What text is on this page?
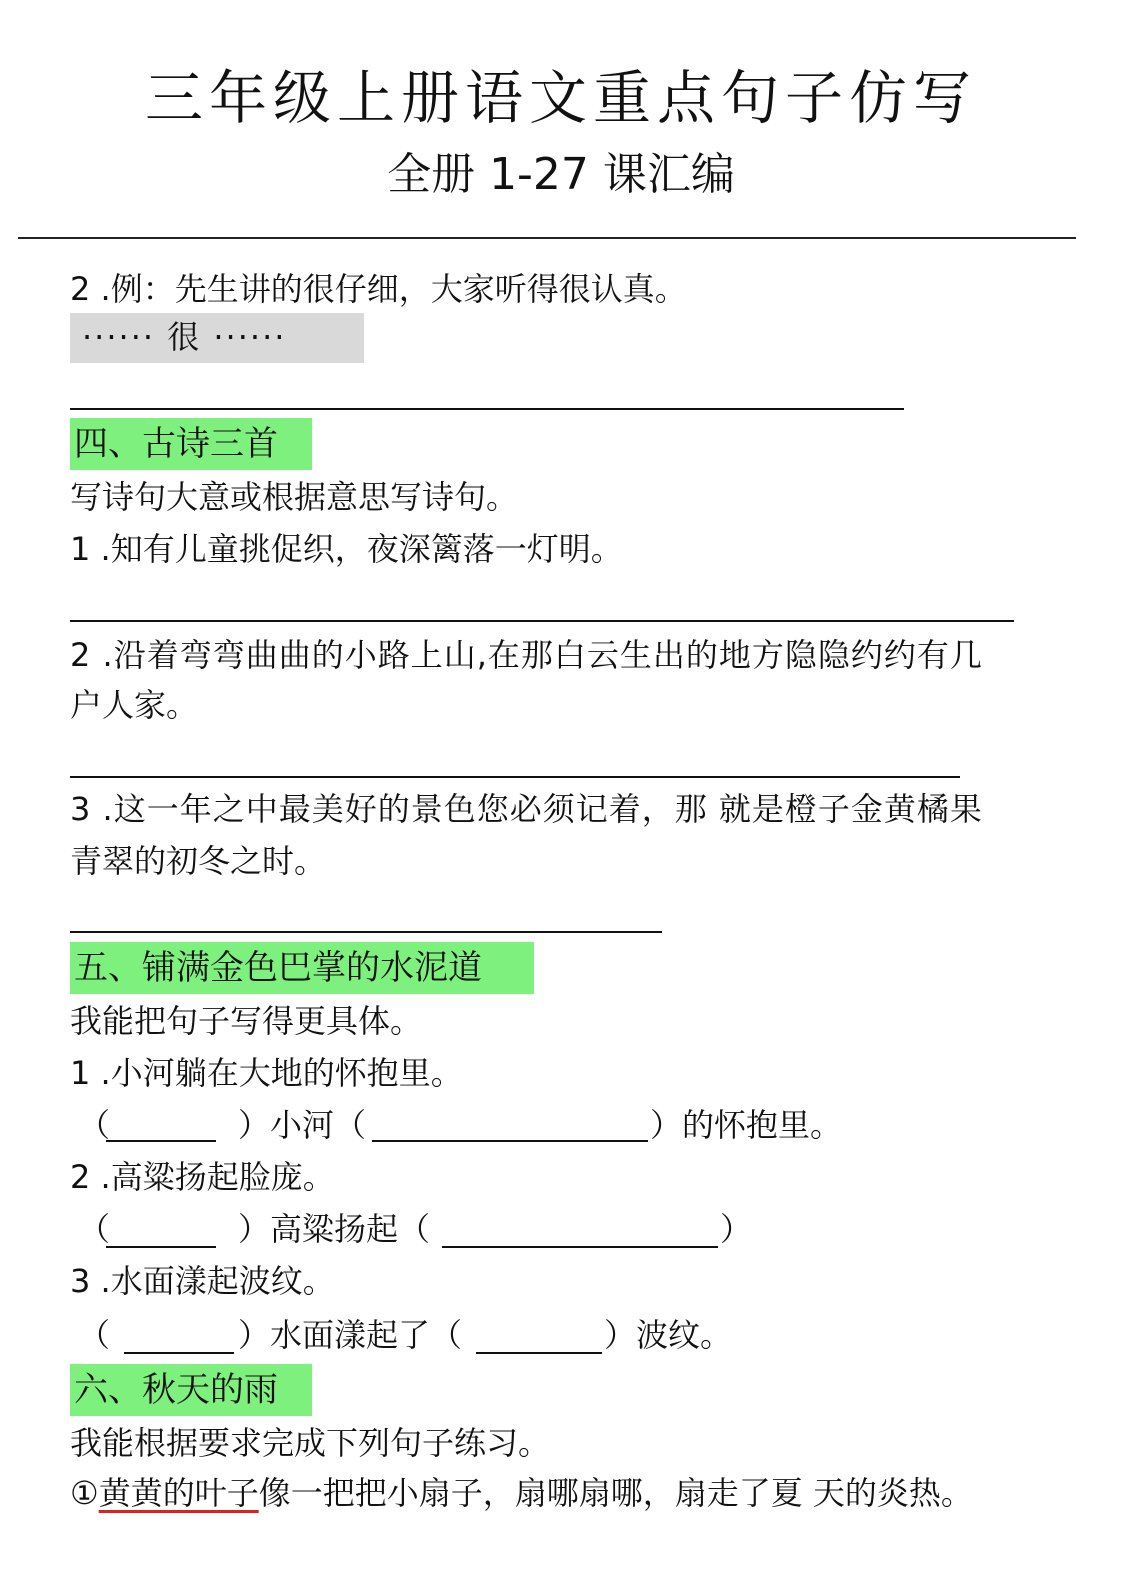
三年级上册语文重点句子仿写
全册 1-27 课汇编
2 .例：先生讲的很仔细，大家听得很认真。
······ 很 ······
四、古诗三首
写诗句大意或根据意思写诗句。
1 .知有儿童挑促织，夜深篱落一灯明。
2 .沿着弯弯曲曲的小路上山,在那白云生出的地方隐隐约约有几
户人家。
3 .这一年之中最美好的景色您必须记着，那 就是橙子金黄橘果
青翠的初冬之时。
五、铺满金色巴掌的水泥道
我能把句子写得更具体。
1 .小河躺在大地的怀抱里。
（	）小河（	）的怀抱里。
2 .高粱扬起脸庞。
（	）高粱扬起（	）
3 .水面漾起波纹。
（	）水面漾起了（	）波纹。
六、秋天的雨
我能根据要求完成下列句子练习。
①黄黄的叶子像一把把小扇子，扇哪扇哪，扇走了夏 天的炎热。
